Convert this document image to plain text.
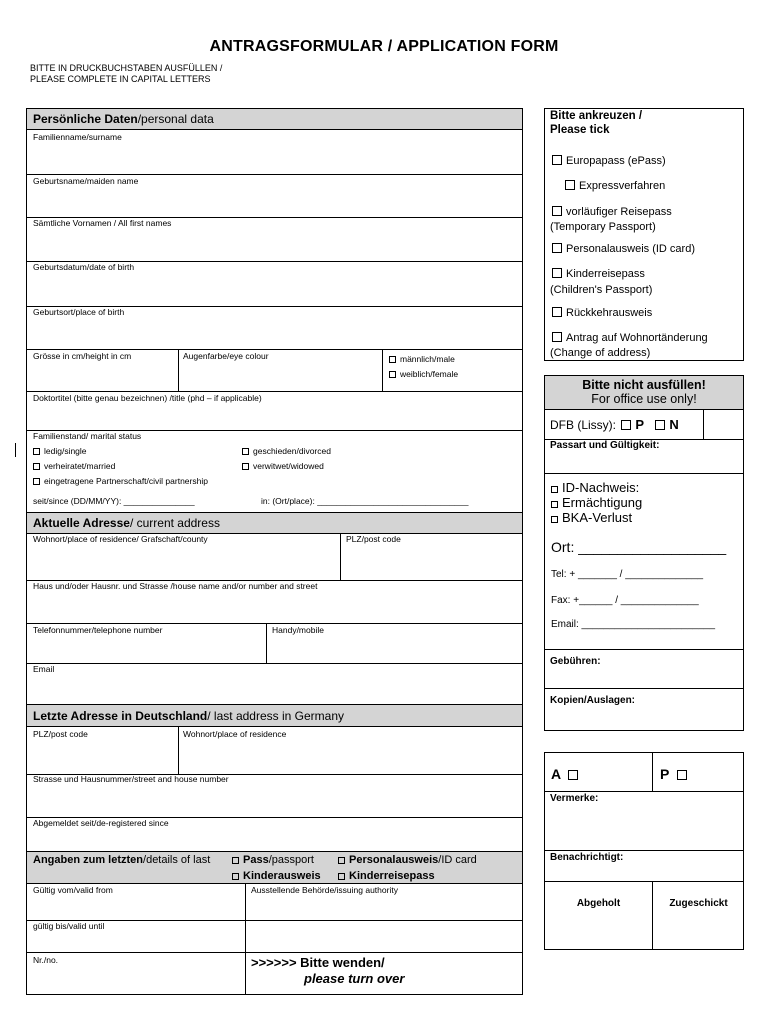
ANTRAGSFORMULAR / APPLICATION FORM
BITTE IN DRUCKBUCHSTABEN AUSFÜLLEN /
PLEASE COMPLETE IN CAPITAL LETTERS
Persönliche Daten/personal data
Familienname/surname
Geburtsname/maiden name
Sämtliche Vornamen / All first names
Geburtsdatum/date of birth
Geburtsort/place of birth
Grösse in cm/height in cm	Augenfarbe/eye colour	männlich/male
weiblich/female
Doktortitel (bitte genau bezeichnen) /title (phd – if applicable)
Familienstand/ marital status
ledig/single	geschieden/divorced
verheiratet/married	verwitwet/widowed
eingetragene Partnerschaft/civil partnership
seit/since (DD/MM/YY): _______________	in: (Ort/place): ________________________________
Aktuelle Adresse/ current address
Wohnort/place of residence/ Grafschaft/county	PLZ/post code
Haus und/oder Hausnr. und Strasse /house name and/or number and street
Telefonnummer/telephone number	Handy/mobile
Email
Letzte Adresse in Deutschland/ last address in Germany
PLZ/post code	Wohnort/place of residence
Strasse und Hausnummer/street and house number
Abgemeldet seit/de-registered since
Angaben zum letzten/details of last	Pass/passport	Personalausweis/ID card
Kinderausweis	Kinderreisepass
Gültig vom/valid from	Ausstellende Behörde/issuing authority
gültig bis/valid until
Nr./no.	>>>>>> Bitte wenden/
please turn over
Bitte ankreuzen /
Please tick
Europapass (ePass)
Expressverfahren
vorläufiger Reisepass
(Temporary Passport)
Personalausweis (ID card)
Kinderreisepass
(Children's Passport)
Rückkehrausweis
Antrag auf Wohnortänderung
(Change of address)
Bitte nicht ausfüllen!
For office use only!
DFB (Lissy): P N
Passart und Gültigkeit:
ID-Nachweis:
Ermächtigung
BKA-Verlust
Ort: ___________________
Tel: + _______ / ______________
Fax: +______ / ______________
Email: ________________________
Gebühren:
Kopien/Auslagen:
A	P
Vermerke:
Benachrichtigt:
Abgeholt	Zugeschickt
